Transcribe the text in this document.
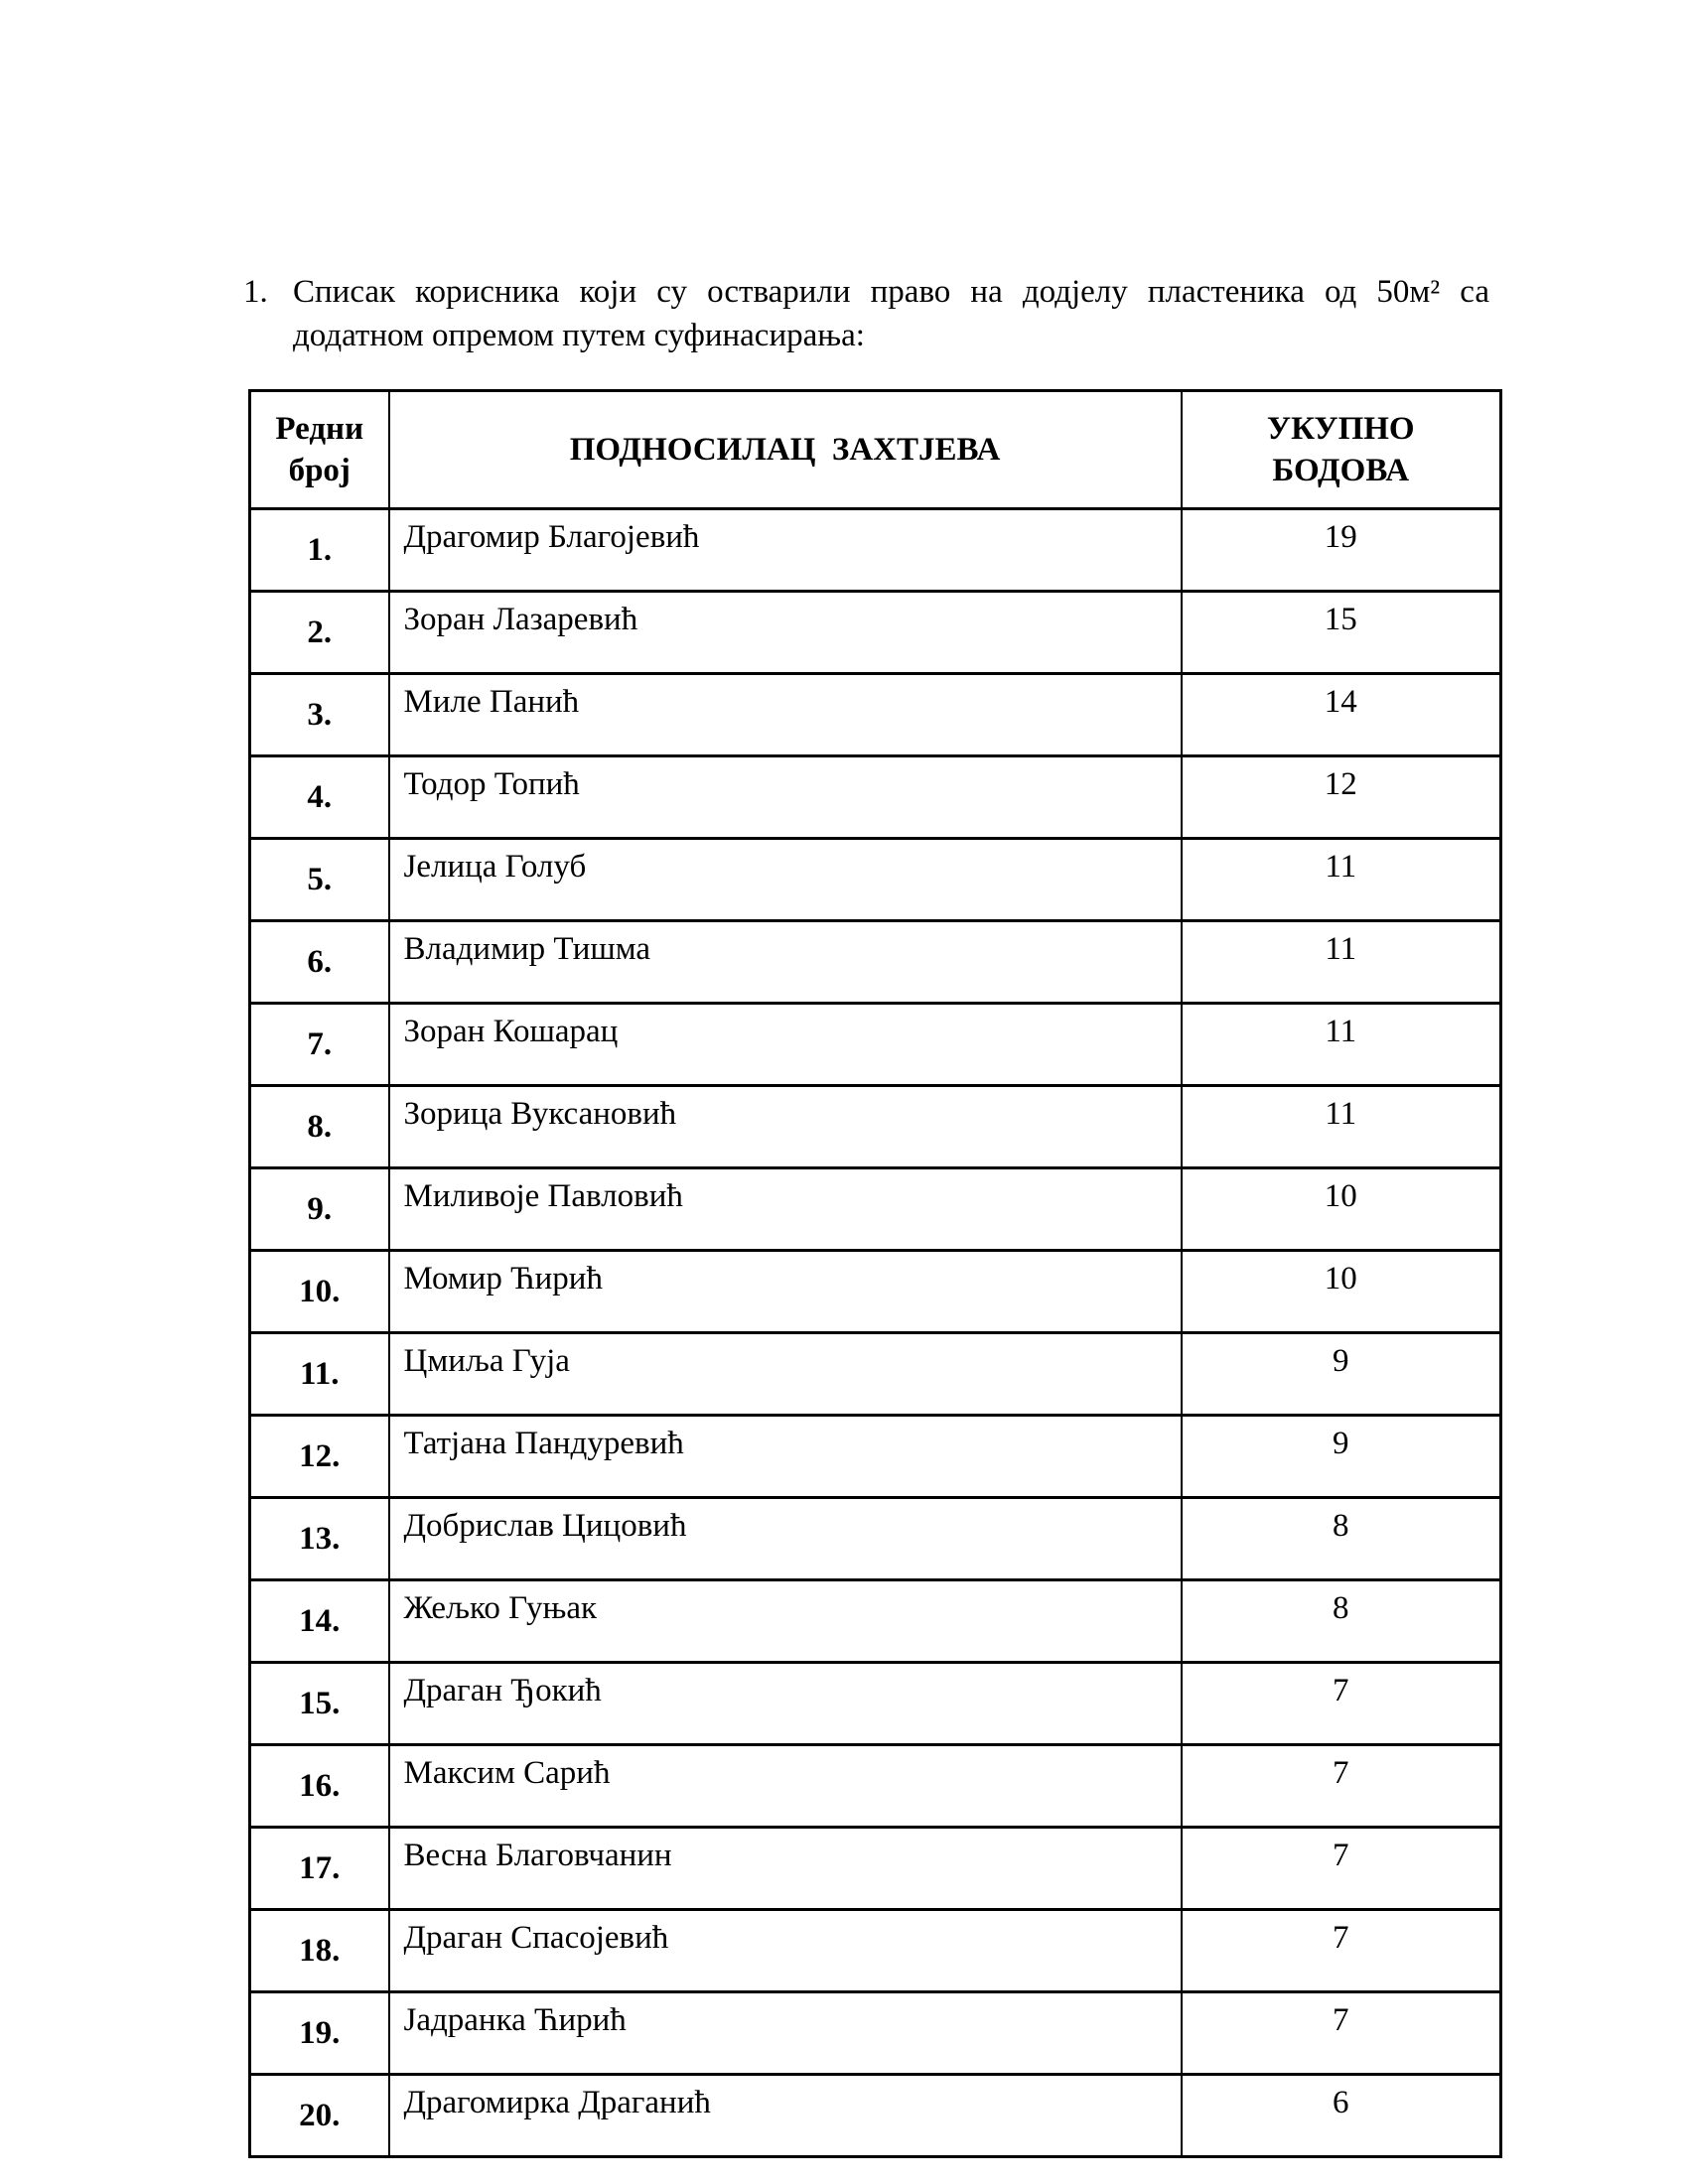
1. Списак корисника који су остварили право на додјелу пластеника од 50м² са
додатном опремом путем суфинасирања:
Редни
број	ПОДНОСИЛАЦ  ЗАХТЈЕВА	УКУПНО
БОДОВА

1.	Драгомир Благојевић	19
2.	Зоран Лазаревић	15
3.	Миле Панић	14
4.	Тодор Топић	12
5.	Јелица Голуб	11
6.	Владимир Тишма	11
7.	Зоран Кошарац	11
8.	Зорица Вуксановић	11
9.	Миливоје Павловић	10
10.	Момир Ћирић	10
11.	Цмиља Гуја	9
12.	Татјана Пандуревић	9
13.	Добрислав Цицовић	8
14.	Жељко Гуњак	8
15.	Драган Ђокић	7
16.	Максим Сарић	7
17.	Весна Благовчанин	7
18.	Драган Спасојевић	7
19.	Јадранка Ћирић	7
20.	Драгомирка Драганић	6
